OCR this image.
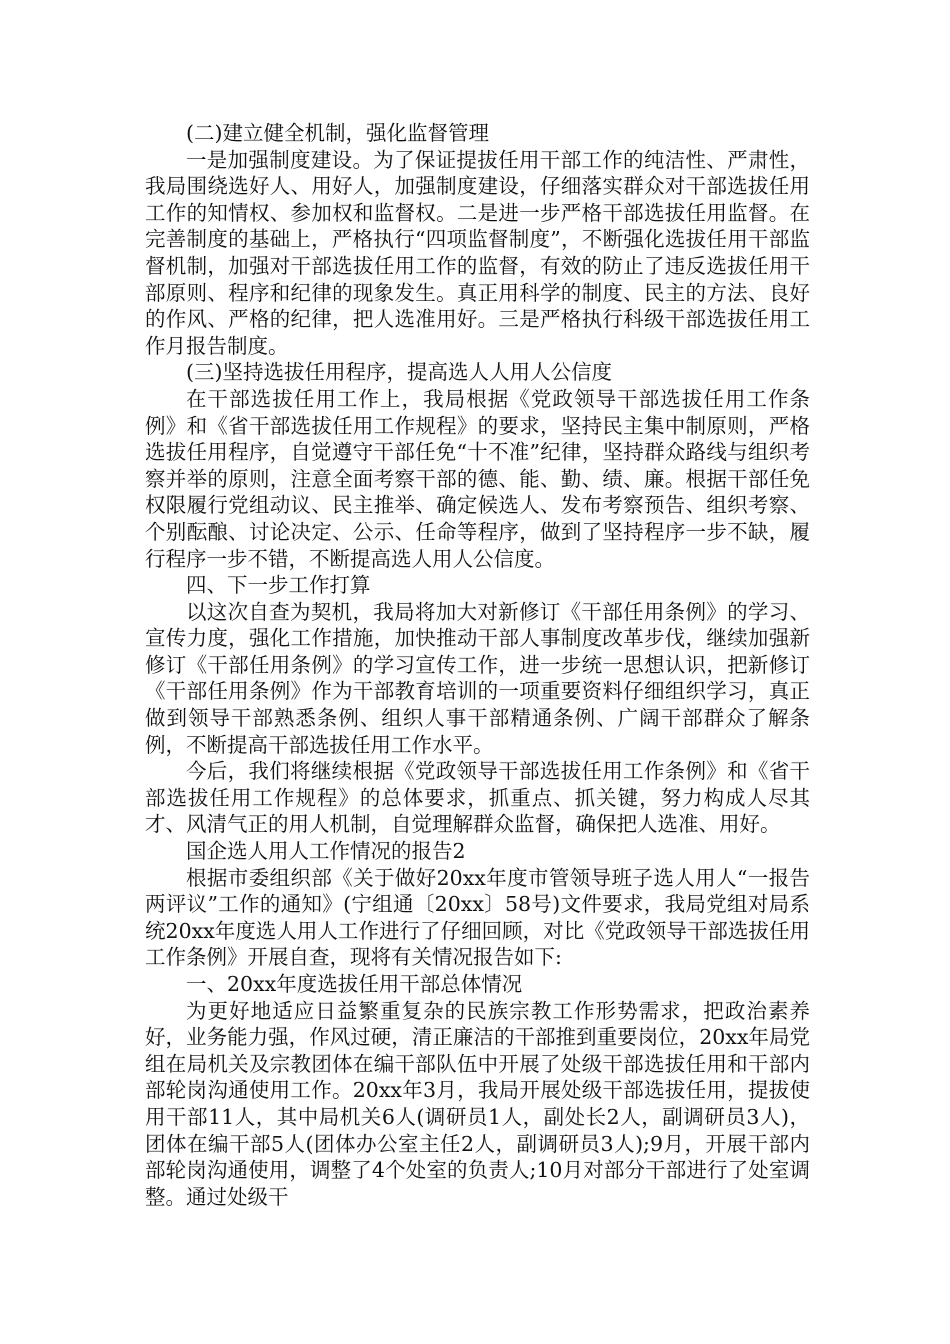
(二)建立健全机制，强化监督管理

一是加强制度建设。为了保证提拔任用干部工作的纯洁性、严肃性，我局围绕选好人、用好人，加强制度建设，仔细落实群众对干部选拔任用工作的知情权、参加权和监督权。二是进一步严格干部选拔任用监督。在完善制度的基础上，严格执行“四项监督制度”，不断强化选拔任用干部监督机制，加强对干部选拔任用工作的监督，有效的防止了违反选拔任用干部原则、程序和纪律的现象发生。真正用科学的制度、民主的方法、良好的作风、严格的纪律，把人选准用好。三是严格执行科级干部选拔任用工作月报告制度。

(三)坚持选拔任用程序，提高选人人用人公信度

在干部选拔任用工作上，我局根据《党政领导干部选拔任用工作条例》和《省干部选拔任用工作规程》的要求，坚持民主集中制原则，严格选拔任用程序，自觉遵守干部任免“十不准”纪律，坚持群众路线与组织考察并举的原则，注意全面考察干部的德、能、勤、绩、廉。根据干部任免权限履行党组动议、民主推举、确定候选人、发布考察预告、组织考察、个别酝酿、讨论决定、公示、任命等程序，做到了坚持程序一步不缺，履行程序一步不错，不断提高选人用人公信度。

四、下一步工作打算

以这次自查为契机，我局将加大对新修订《干部任用条例》的学习、宣传力度，强化工作措施，加快推动干部人事制度改革步伐，继续加强新修订《干部任用条例》的学习宣传工作，进一步统一思想认识，把新修订《干部任用条例》作为干部教育培训的一项重要资料仔细组织学习，真正做到领导干部熟悉条例、组织人事干部精通条例、广阔干部群众了解条例，不断提高干部选拔任用工作水平。

今后，我们将继续根据《党政领导干部选拔任用工作条例》和《省干部选拔任用工作规程》的总体要求，抓重点、抓关键，努力构成人尽其才、风清气正的用人机制，自觉理解群众监督，确保把人选准、用好。

国企选人用人工作情况的报告2

根据市委组织部《关于做好20xx年度市管领导班子选人用人“一报告两评议”工作的通知》(宁组通〔20xx〕58号)文件要求，我局党组对局系统20xx年度选人用人工作进行了仔细回顾，对比《党政领导干部选拔任用工作条例》开展自查，现将有关情况报告如下:

一、20xx年度选拔任用干部总体情况

为更好地适应日益繁重复杂的民族宗教工作形势需求，把政治素养好，业务能力强，作风过硬，清正廉洁的干部推到重要岗位，20xx年局党组在局机关及宗教团体在编干部队伍中开展了处级干部选拔任用和干部内部轮岗沟通使用工作。20xx年3月，我局开展处级干部选拔任用，提拔使用干部11人，其中局机关6人(调研员1人，副处长2人，副调研员3人)，团体在编干部5人(团体办公室主任2人，副调研员3人);9月，开展干部内部轮岗沟通使用，调整了4个处室的负责人;10月对部分干部进行了处室调整。通过处级干
